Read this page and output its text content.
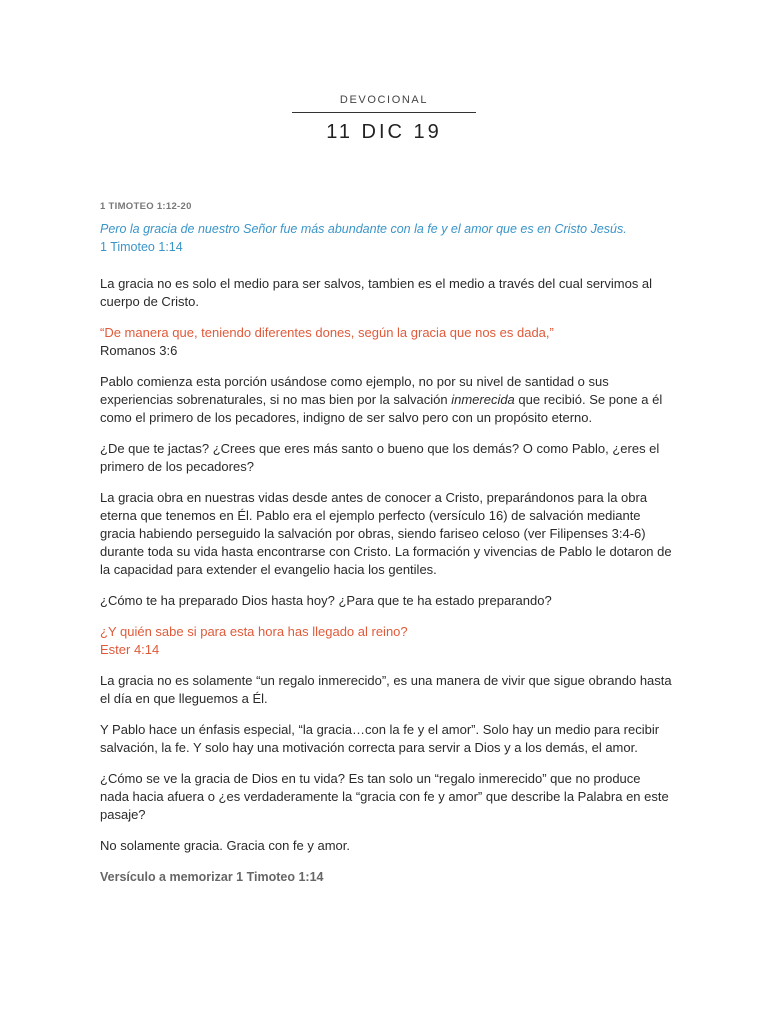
DEVOCIONAL
11 DIC 19
1 TIMOTEO 1:12-20
Pero la gracia de nuestro Señor fue más abundante con la fe y el amor que es en Cristo Jesús.
1 Timoteo 1:14

La gracia no es solo el medio para ser salvos, tambien es el medio a través del cual servimos al cuerpo de Cristo.

“De manera que, teniendo diferentes dones, según la gracia que nos es dada,”
Romanos 3:6

Pablo comienza esta porción usándose como ejemplo, no por su nivel de santidad o sus experiencias sobrenaturales, si no mas bien por la salvación inmerecida que recibió. Se pone a él como el primero de los pecadores, indigno de ser salvo pero con un propósito eterno.

¿De que te jactas? ¿Crees que eres más santo o bueno que los demás? O como Pablo, ¿eres el primero de los pecadores?

La gracia obra en nuestras vidas desde antes de conocer a Cristo, preparándonos para la obra eterna que tenemos en Él. Pablo era el ejemplo perfecto (versículo 16) de salvación mediante gracia habiendo perseguido la salvación por obras, siendo fariseo celoso (ver Filipenses 3:4-6) durante toda su vida hasta encontrarse con Cristo. La formación y vivencias de Pablo le dotaron de la capacidad para extender el evangelio hacia los gentiles.

¿Cómo te ha preparado Dios hasta hoy? ¿Para que te ha estado preparando?

¿Y quién sabe si para esta hora has llegado al reino?
Ester 4:14

La gracia no es solamente “un regalo inmerecido”, es una manera de vivir que sigue obrando hasta el día en que lleguemos a Él.

Y Pablo hace un énfasis especial, “la gracia…con la fe y el amor”. Solo hay un medio para recibir salvación, la fe. Y solo hay una motivación correcta para servir a Dios y a los demás, el amor.

¿Cómo se ve la gracia de Dios en tu vida? Es tan solo un “regalo inmerecido” que no produce nada hacia afuera o ¿es verdaderamente la “gracia con fe y amor” que describe la Palabra en este pasaje?

No solamente gracia. Gracia con fe y amor.

Versículo a memorizar 1 Timoteo 1:14
